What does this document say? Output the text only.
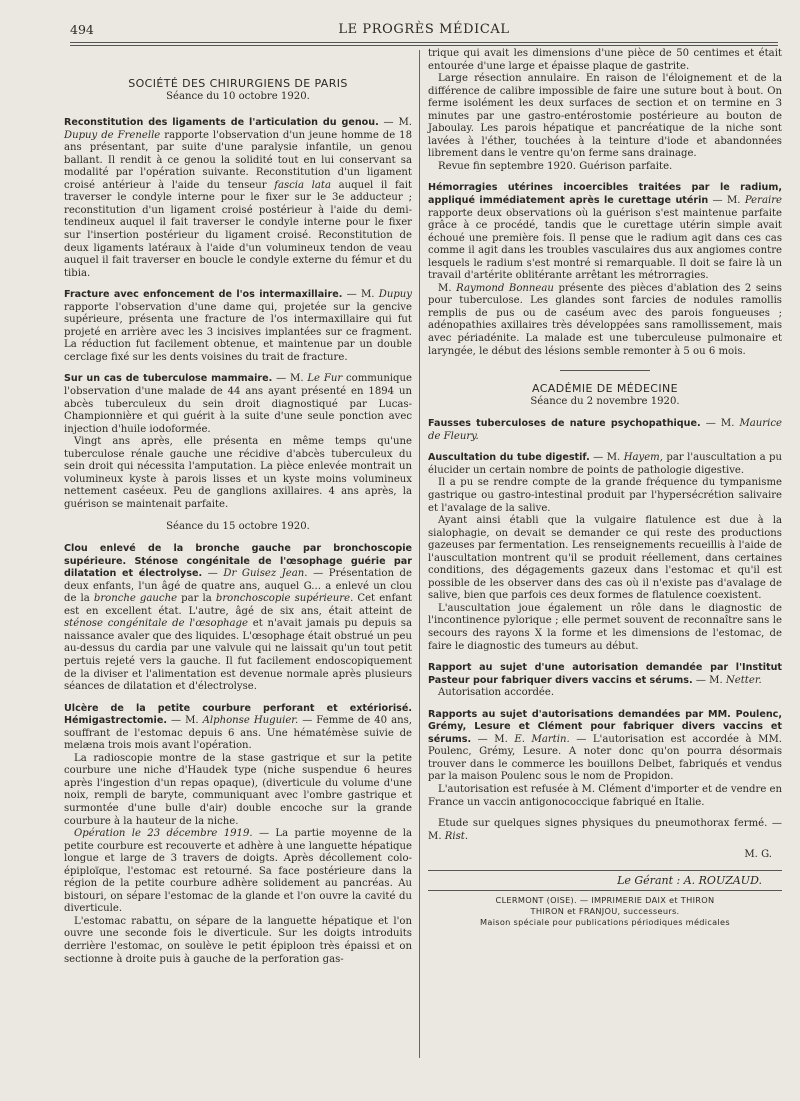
494	LE PROGRÈS MÉDICAL
SOCIÉTÉ DES CHIRURGIENS DE PARIS
Séance du 10 octobre 1920.

Reconstitution des ligaments de l'articulation du genou. — M. Dupuy de Frenelle rapporte l'observation d'un jeune homme de 18 ans présentant, par suite d'une paralysie infantile, un genou ballant. Il rendit à ce genou la solidité tout en lui conservant sa modalité par l'opération suivante. Reconstitution d'un ligament croisé antérieur à l'aide du tenseur fascia lata auquel il fait traverser le condyle interne pour le fixer sur le 3e adducteur ; reconstitution d'un ligament croisé postérieur à l'aide du demi-tendineux auquel il fait traverser le condyle interne pour le fixer sur l'insertion postérieur du ligament croisé. Reconstitution de deux ligaments latéraux à l'aide d'un volumineux tendon de veau auquel il fait traverser en boucle le condyle externe du fémur et du tibia.

Fracture avec enfoncement de l'os intermaxillaire. — M. Dupuy rapporte l'observation d'une dame qui, projetée sur la gencive supérieure, présenta une fracture de l'os intermaxillaire qui fut projeté en arrière avec les 3 incisives implantées sur ce fragment. La réduction fut facilement obtenue, et maintenue par un double cerclage fixé sur les dents voisines du trait de fracture.

Sur un cas de tuberculose mammaire. — M. Le Fur communique l'observation d'une malade de 44 ans ayant présenté en 1894 un abcès tuberculeux du sein droit diagnostiqué par Lucas-Championnière et qui guérit à la suite d'une seule ponction avec injection d'huile iodoformée.

Vingt ans après, elle présenta en même temps qu'une tuberculose rénale gauche une récidive d'abcès tuberculeux du sein droit qui nécessita l'amputation. La pièce enlevée montrait un volumineux kyste à parois lisses et un kyste moins volumineux nettement caséeux. Peu de ganglions axillaires. 4 ans après, la guérison se maintenait parfaite.

Séance du 15 octobre 1920.

Clou enlevé de la bronche gauche par bronchoscopie supérieure. Sténose congénitale de l'œsophage guérie par dilatation et électrolyse. — Dr Guisez Jean. — Présentation de deux enfants, l'un âgé de quatre ans, auquel G... a enlevé un clou de la bronche gauche par la bronchoscopie supérieure. Cet enfant est en excellent état. L'autre, âgé de six ans, était atteint de sténose congénitale de l'œsophage et n'avait jamais pu depuis sa naissance avaler que des liquides. L'œsophage était obstrué un peu au-dessus du cardia par une valvule qui ne laissait qu'un tout petit pertuis rejeté vers la gauche. Il fut facilement endoscopiquement de la diviser et l'alimentation est devenue normale après plusieurs séances de dilatation et d'électrolyse.

Ulcère de la petite courbure perforant et extériorisé. Hémigastrectomie. — M. Alphonse Huguier. — Femme de 40 ans, souffrant de l'estomac depuis 6 ans. Une hématémèse suivie de melæna trois mois avant l'opération.

La radioscopie montre de la stase gastrique et sur la petite courbure une niche d'Haudek type (niche suspendue 6 heures après l'ingestion d'un repas opaque), (diverticule du volume d'une noix, rempli de baryte, communiquant avec l'ombre gastrique et surmontée d'une bulle d'air) double encoche sur la grande courbure à la hauteur de la niche.

Opération le 23 décembre 1919. — La partie moyenne de la petite courbure est recouverte et adhère à une languette hépatique longue et large de 3 travers de doigts. Après décollement colo-épiploïque, l'estomac est retourné. Sa face postérieure dans la région de la petite courbure adhère solidement au pancréas. Au bistouri, on sépare l'estomac de la glande et l'on ouvre la cavité du diverticule.

L'estomac rabattu, on sépare de la languette hépatique et l'on ouvre une seconde fois le diverticule. Sur les doigts introduits derrière l'estomac, on soulève le petit épiploon très épaissi et on sectionne à droite puis à gauche de la perforation gas-

trique qui avait les dimensions d'une pièce de 50 centimes et était entourée d'une large et épaisse plaque de gastrite.

Large résection annulaire. En raison de l'éloignement et de la différence de calibre impossible de faire une suture bout à bout. On ferme isolément les deux surfaces de section et on termine en 3 minutes par une gastro-entérostomie postérieure au bouton de Jaboulay. Les parois hépatique et pancréatique de la niche sont lavées à l'éther, touchées à la teinture d'iode et abandonnées librement dans le ventre qu'on ferme sans drainage.

Revue fin septembre 1920. Guérison parfaite.

Hémorragies utérines incoercibles traitées par le radium, appliqué immédiatement après le curettage utérin — M. Peraire rapporte deux observations où la guérison s'est maintenue parfaite grâce à ce procédé, tandis que le curettage utérin simple avait échoué une première fois. Il pense que le radium agit dans ces cas comme il agit dans les troubles vasculaires dus aux angiomes contre lesquels le radium s'est montré si remarquable. Il doit se faire là un travail d'artérite oblitérante arrêtant les métrorragies.

M. Raymond Bonneau présente des pièces d'ablation des 2 seins pour tuberculose. Les glandes sont farcies de nodules ramollis remplis de pus ou de caséum avec des parois fongueuses ; adénopathies axillaires très développées sans ramollissement, mais avec périadénite. La malade est une tuberculeuse pulmonaire et laryngée, le début des lésions semble remonter à 5 ou 6 mois.

ACADÉMIE DE MÉDECINE
Séance du 2 novembre 1920.

Fausses tuberculoses de nature psychopathique. — M. Maurice de Fleury.

Auscultation du tube digestif. — M. Hayem, par l'auscultation a pu élucider un certain nombre de points de pathologie digestive.

Il a pu se rendre compte de la grande fréquence du tympanisme gastrique ou gastro-intestinal produit par l'hypersécrétion salivaire et l'avalage de la salive.

Ayant ainsi établi que la vulgaire flatulence est due à la sialophagie, on devait se demander ce qui reste des productions gazeuses par fermentation. Les renseignements recueillis à l'aide de l'auscultation montrent qu'il se produit réellement, dans certaines conditions, des dégagements gazeux dans l'estomac et qu'il est possible de les observer dans des cas où il n'existe pas d'avalage de salive, bien que parfois ces deux formes de flatulence coexistent.

L'auscultation joue également un rôle dans le diagnostic de l'incontinence pylorique ; elle permet souvent de reconnaître sans le secours des rayons X la forme et les dimensions de l'estomac, de faire le diagnostic des tumeurs au début.

Rapport au sujet d'une autorisation demandée par l'Institut Pasteur pour fabriquer divers vaccins et sérums. — M. Netter.

Autorisation accordée.

Rapports au sujet d'autorisations demandées par MM. Poulenc, Grémy, Lesure et Clément pour fabriquer divers vaccins et sérums. — M. E. Martin. — L'autorisation est accordée à MM. Poulenc, Grémy, Lesure. A noter donc qu'on pourra désormais trouver dans le commerce les bouillons Delbet, fabriqués et vendus par la maison Poulenc sous le nom de Propidon.

L'autorisation est refusée à M. Clément d'importer et de vendre en France un vaccin antigonococcique fabriqué en Italie.

Etude sur quelques signes physiques du pneumothorax fermé. — M. Rist.

M. G.
Le Gérant : A. ROUZAUD.
CLERMONT (OISE). — IMPRIMERIE DAIX et THIRON
THIRON et FRANJOU, successeurs.
Maison spéciale pour publications périodiques médicales
